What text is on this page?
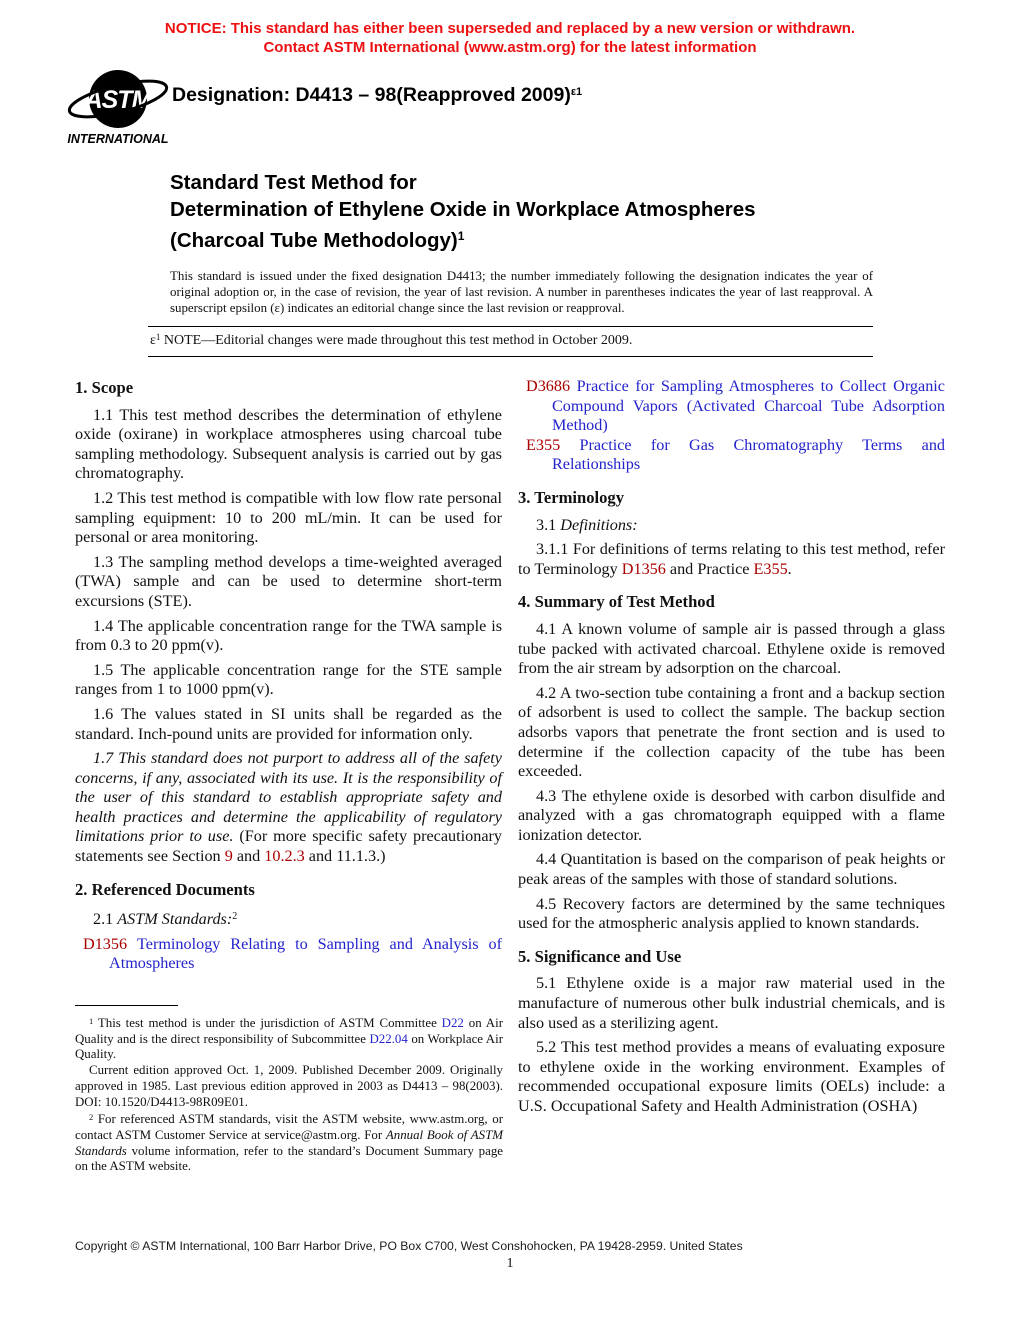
NOTICE: This standard has either been superseded and replaced by a new version or withdrawn.
Contact ASTM International (www.astm.org) for the latest information
ASTM
INTERNATIONAL
Designation: D4413 – 98(Reapproved 2009)$^{\varepsilon 1}$
Standard Test Method for
Determination of Ethylene Oxide in Workplace Atmospheres
(Charcoal Tube Methodology)$^1$
This standard is issued under the fixed designation D4413; the number immediately following the designation indicates the year of original adoption or, in the case of revision, the year of last revision. A number in parentheses indicates the year of last reapproval. A superscript epsilon (ε) indicates an editorial change since the last revision or reapproval.
$\varepsilon^1$ NOTE—Editorial changes were made throughout this test method in October 2009.
1. Scope

1.1 This test method describes the determination of ethylene oxide (oxirane) in workplace atmospheres using charcoal tube sampling methodology. Subsequent analysis is carried out by gas chromatography.

1.2 This test method is compatible with low flow rate personal sampling equipment: 10 to 200 mL/min. It can be used for personal or area monitoring.

1.3 The sampling method develops a time-weighted averaged (TWA) sample and can be used to determine short-term excursions (STE).

1.4 The applicable concentration range for the TWA sample is from 0.3 to 20 ppm(v).

1.5 The applicable concentration range for the STE sample ranges from 1 to 1000 ppm(v).

1.6 The values stated in SI units shall be regarded as the standard. Inch-pound units are provided for information only.

1.7 This standard does not purport to address all of the safety concerns, if any, associated with its use. It is the responsibility of the user of this standard to establish appropriate safety and health practices and determine the applicability of regulatory limitations prior to use. (For more specific safety precautionary statements see Section 9 and 10.2.3 and 11.1.3.)

2. Referenced Documents

2.1 ASTM Standards:$^2$

D1356 Terminology Relating to Sampling and Analysis of Atmospheres

D3686 Practice for Sampling Atmospheres to Collect Organic Compound Vapors (Activated Charcoal Tube Adsorption Method)

E355 Practice for Gas Chromatography Terms and Relationships

3. Terminology

3.1 Definitions:

3.1.1 For definitions of terms relating to this test method, refer to Terminology D1356 and Practice E355.

4. Summary of Test Method

4.1 A known volume of sample air is passed through a glass tube packed with activated charcoal. Ethylene oxide is removed from the air stream by adsorption on the charcoal.

4.2 A two-section tube containing a front and a backup section of adsorbent is used to collect the sample. The backup section adsorbs vapors that penetrate the front section and is used to determine if the collection capacity of the tube has been exceeded.

4.3 The ethylene oxide is desorbed with carbon disulfide and analyzed with a gas chromatograph equipped with a flame ionization detector.

4.4 Quantitation is based on the comparison of peak heights or peak areas of the samples with those of standard solutions.

4.5 Recovery factors are determined by the same techniques used for the atmospheric analysis applied to known standards.

5. Significance and Use

5.1 Ethylene oxide is a major raw material used in the manufacture of numerous other bulk industrial chemicals, and is also used as a sterilizing agent.

5.2 This test method provides a means of evaluating exposure to ethylene oxide in the working environment. Examples of recommended occupational exposure limits (OELs) include: a U.S. Occupational Safety and Health Administration (OSHA)

$^1$ This test method is under the jurisdiction of ASTM Committee D22 on Air Quality and is the direct responsibility of Subcommittee D22.04 on Workplace Air Quality.

Current edition approved Oct. 1, 2009. Published December 2009. Originally approved in 1985. Last previous edition approved in 2003 as D4413 – 98(2003). DOI: 10.1520/D4413-98R09E01.

$^2$ For referenced ASTM standards, visit the ASTM website, www.astm.org, or contact ASTM Customer Service at service@astm.org. For Annual Book of ASTM Standards volume information, refer to the standard’s Document Summary page on the ASTM website.

Copyright © ASTM International, 100 Barr Harbor Drive, PO Box C700, West Conshohocken, PA 19428-2959. United States
1
